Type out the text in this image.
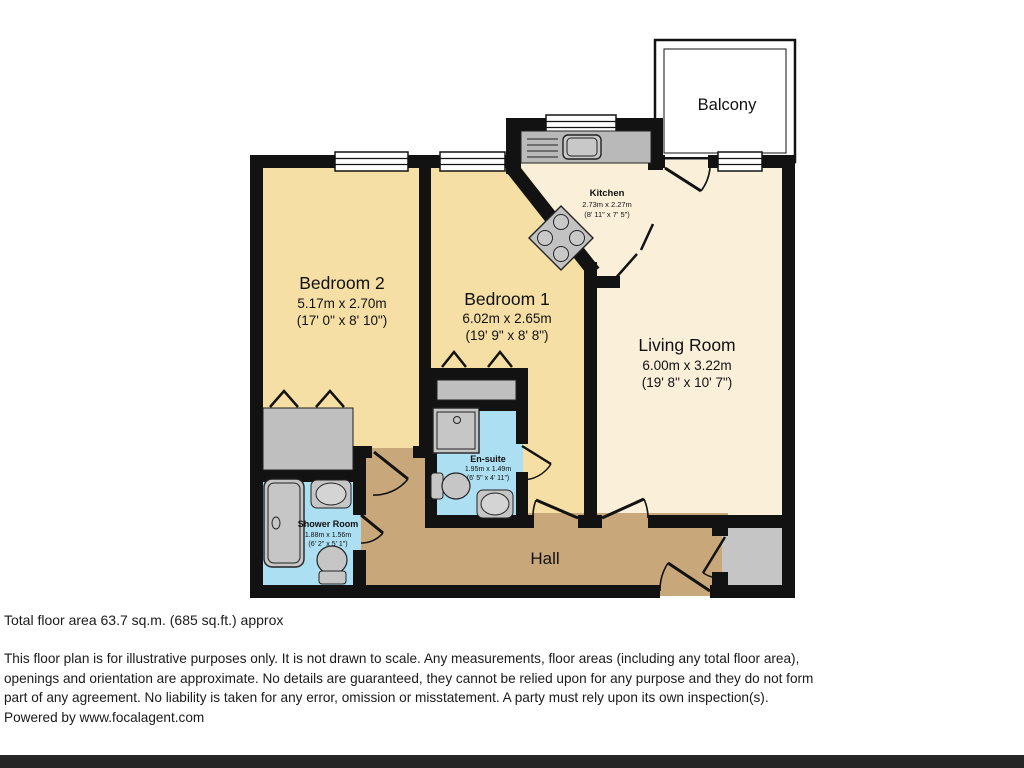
Balcony
Kitchen
2.73m x 2.27m
(8' 11" x 7' 5")
Bedroom 2
5.17m x 2.70m
(17' 0" x 8' 10")
Bedroom 1
6.02m x 2.65m
(19' 9" x 8' 8")	Living Room
6.00m x 3.22m
(19' 8" x 10' 7")
En-suite
1.95m x 1.49m
(6' 5" x 4' 11")
Shower Room
1.88m x 1.56m
(6' 2" x 5' 1")
Hall
Total floor area 63.7 sq.m. (685 sq.ft.) approx
This floor plan is for illustrative purposes only. It is not drawn to scale. Any measurements, floor areas (including any total floor area),
openings and orientation are approximate. No details are guaranteed, they cannot be relied upon for any purpose and they do not form
part of any agreement. No liability is taken for any error, omission or misstatement. A party must rely upon its own inspection(s).
Powered by www.focalagent.com
